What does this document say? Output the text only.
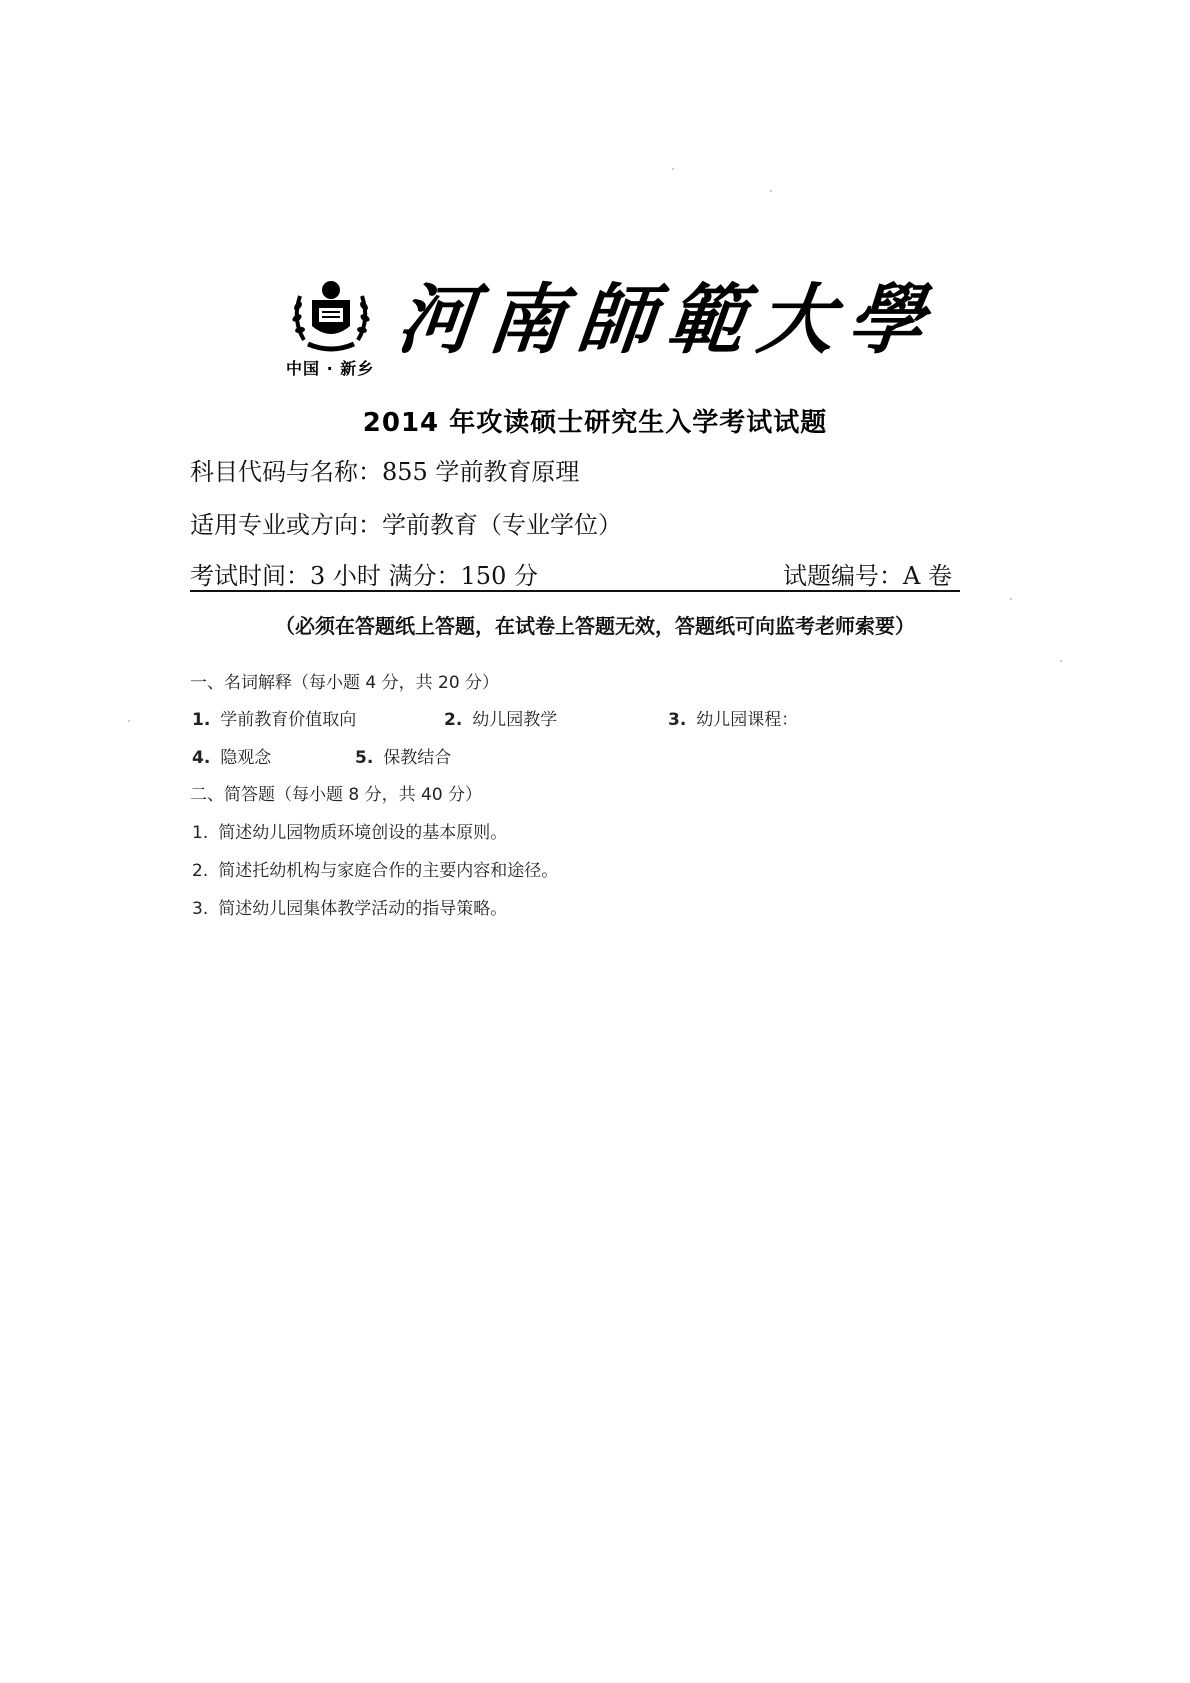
中国 · 新乡
河南師範大學
2014 年攻读硕士研究生入学考试试题
科目代码与名称：855 学前教育原理
适用专业或方向：学前教育（专业学位）
考试时间：3 小时 满分：150 分	试题编号：A 卷
（必须在答题纸上答题，在试卷上答题无效，答题纸可向监考老师索要）
一、名词解释（每小题 4 分，共 20 分）
1. 学前教育价值取向	2. 幼儿园教学	3. 幼儿园课程：
4. 隐观念	5. 保教结合
二、简答题（每小题 8 分，共 40 分）
1. 简述幼儿园物质环境创设的基本原则。
2. 简述托幼机构与家庭合作的主要内容和途径。
3. 简述幼儿园集体教学活动的指导策略。
